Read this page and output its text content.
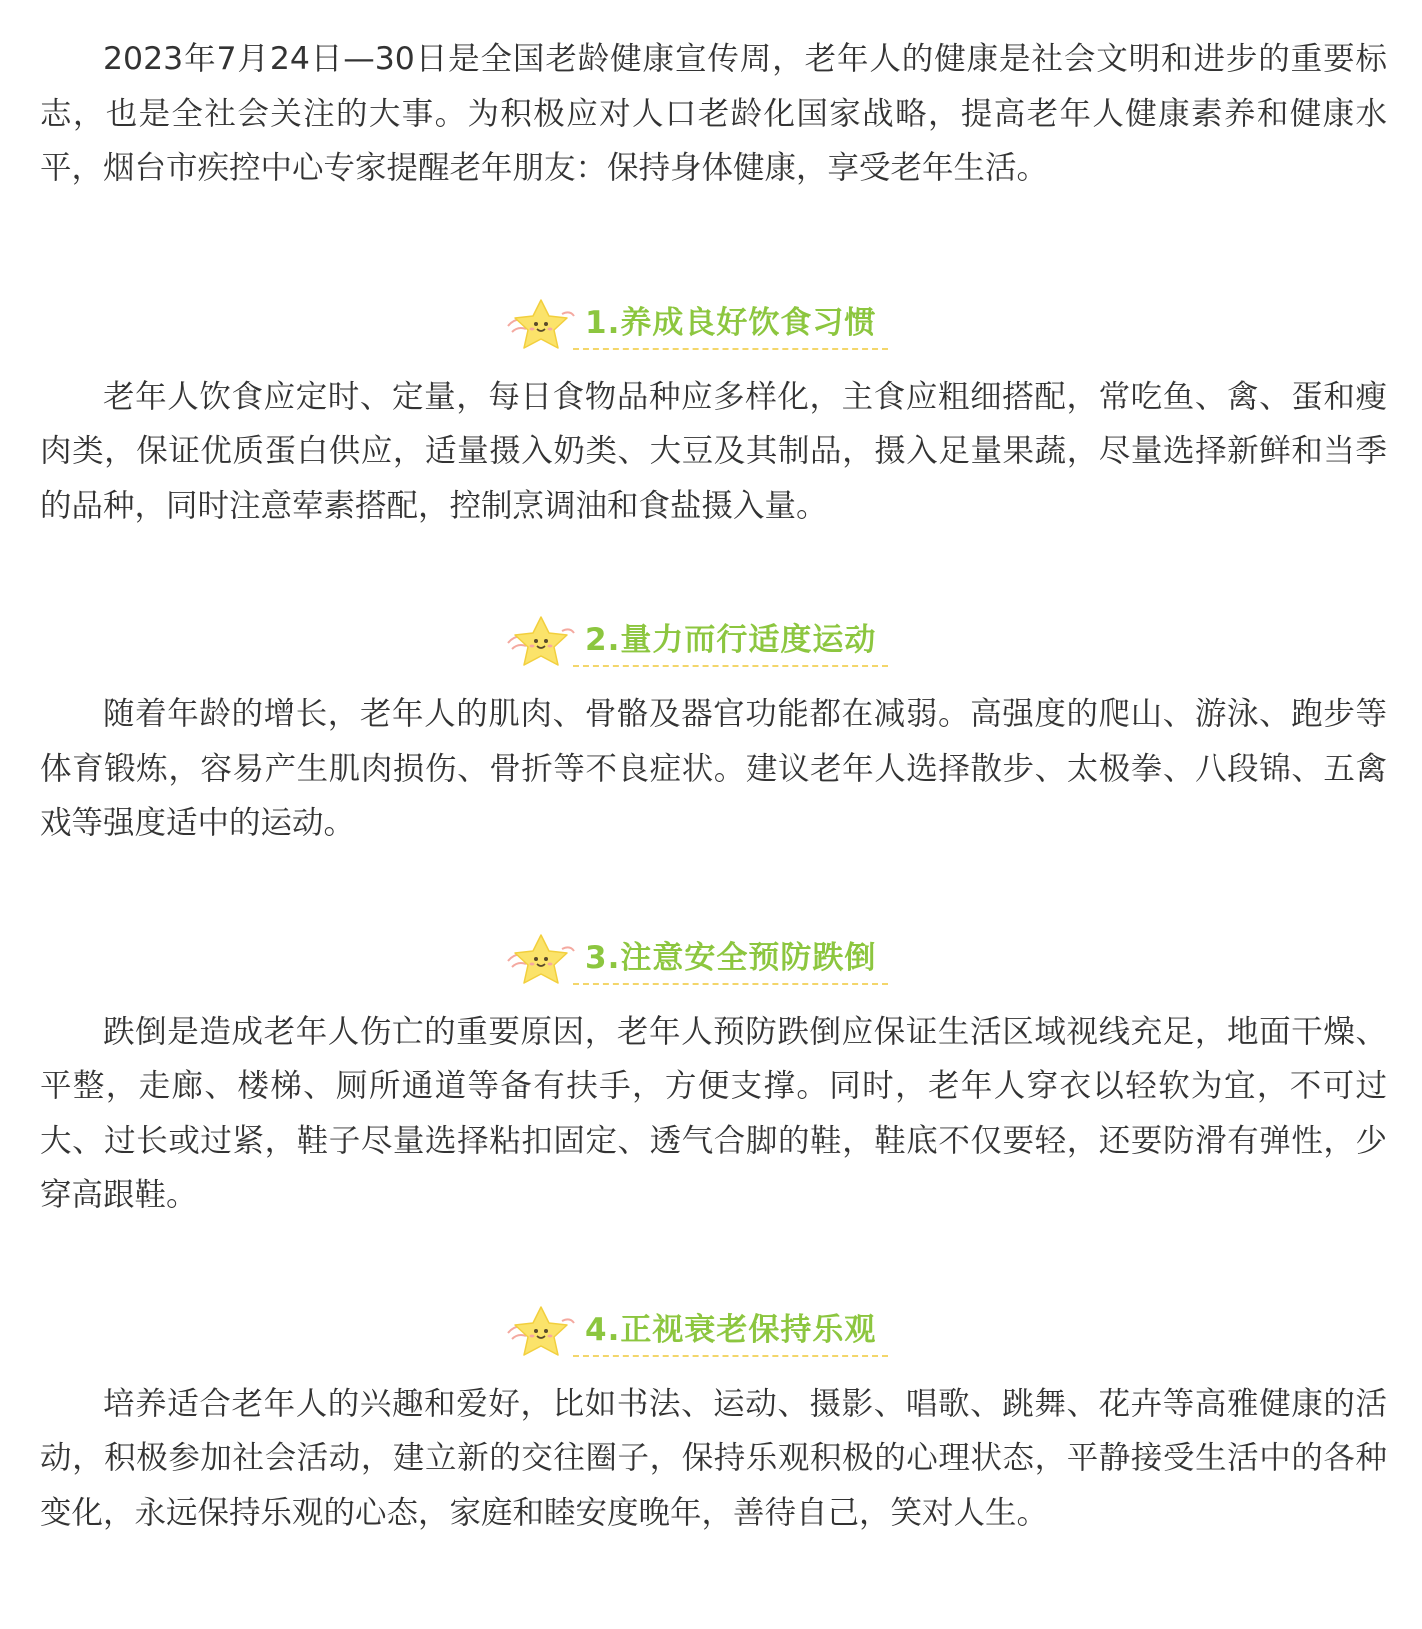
2023年7月24日—30日是全国老龄健康宣传周，老年人的健康是社会文明和进步的重要标志，也是全社会关注的大事。为积极应对人口老龄化国家战略，提高老年人健康素养和健康水平，烟台市疾控中心专家提醒老年朋友：保持身体健康，享受老年生活。

1.养成良好饮食习惯

老年人饮食应定时、定量，每日食物品种应多样化，主食应粗细搭配，常吃鱼、禽、蛋和瘦肉类，保证优质蛋白供应，适量摄入奶类、大豆及其制品，摄入足量果蔬，尽量选择新鲜和当季的品种，同时注意荤素搭配，控制烹调油和食盐摄入量。

2.量力而行适度运动

随着年龄的增长，老年人的肌肉、骨骼及器官功能都在减弱。高强度的爬山、游泳、跑步等体育锻炼，容易产生肌肉损伤、骨折等不良症状。建议老年人选择散步、太极拳、八段锦、五禽戏等强度适中的运动。

3.注意安全预防跌倒

跌倒是造成老年人伤亡的重要原因，老年人预防跌倒应保证生活区域视线充足，地面干燥、平整，走廊、楼梯、厕所通道等备有扶手，方便支撑。同时，老年人穿衣以轻软为宜，不可过大、过长或过紧，鞋子尽量选择粘扣固定、透气合脚的鞋，鞋底不仅要轻，还要防滑有弹性，少穿高跟鞋。

4.正视衰老保持乐观

培养适合老年人的兴趣和爱好，比如书法、运动、摄影、唱歌、跳舞、花卉等高雅健康的活动，积极参加社会活动，建立新的交往圈子，保持乐观积极的心理状态，平静接受生活中的各种变化，永远保持乐观的心态，家庭和睦安度晚年，善待自己，笑对人生。
